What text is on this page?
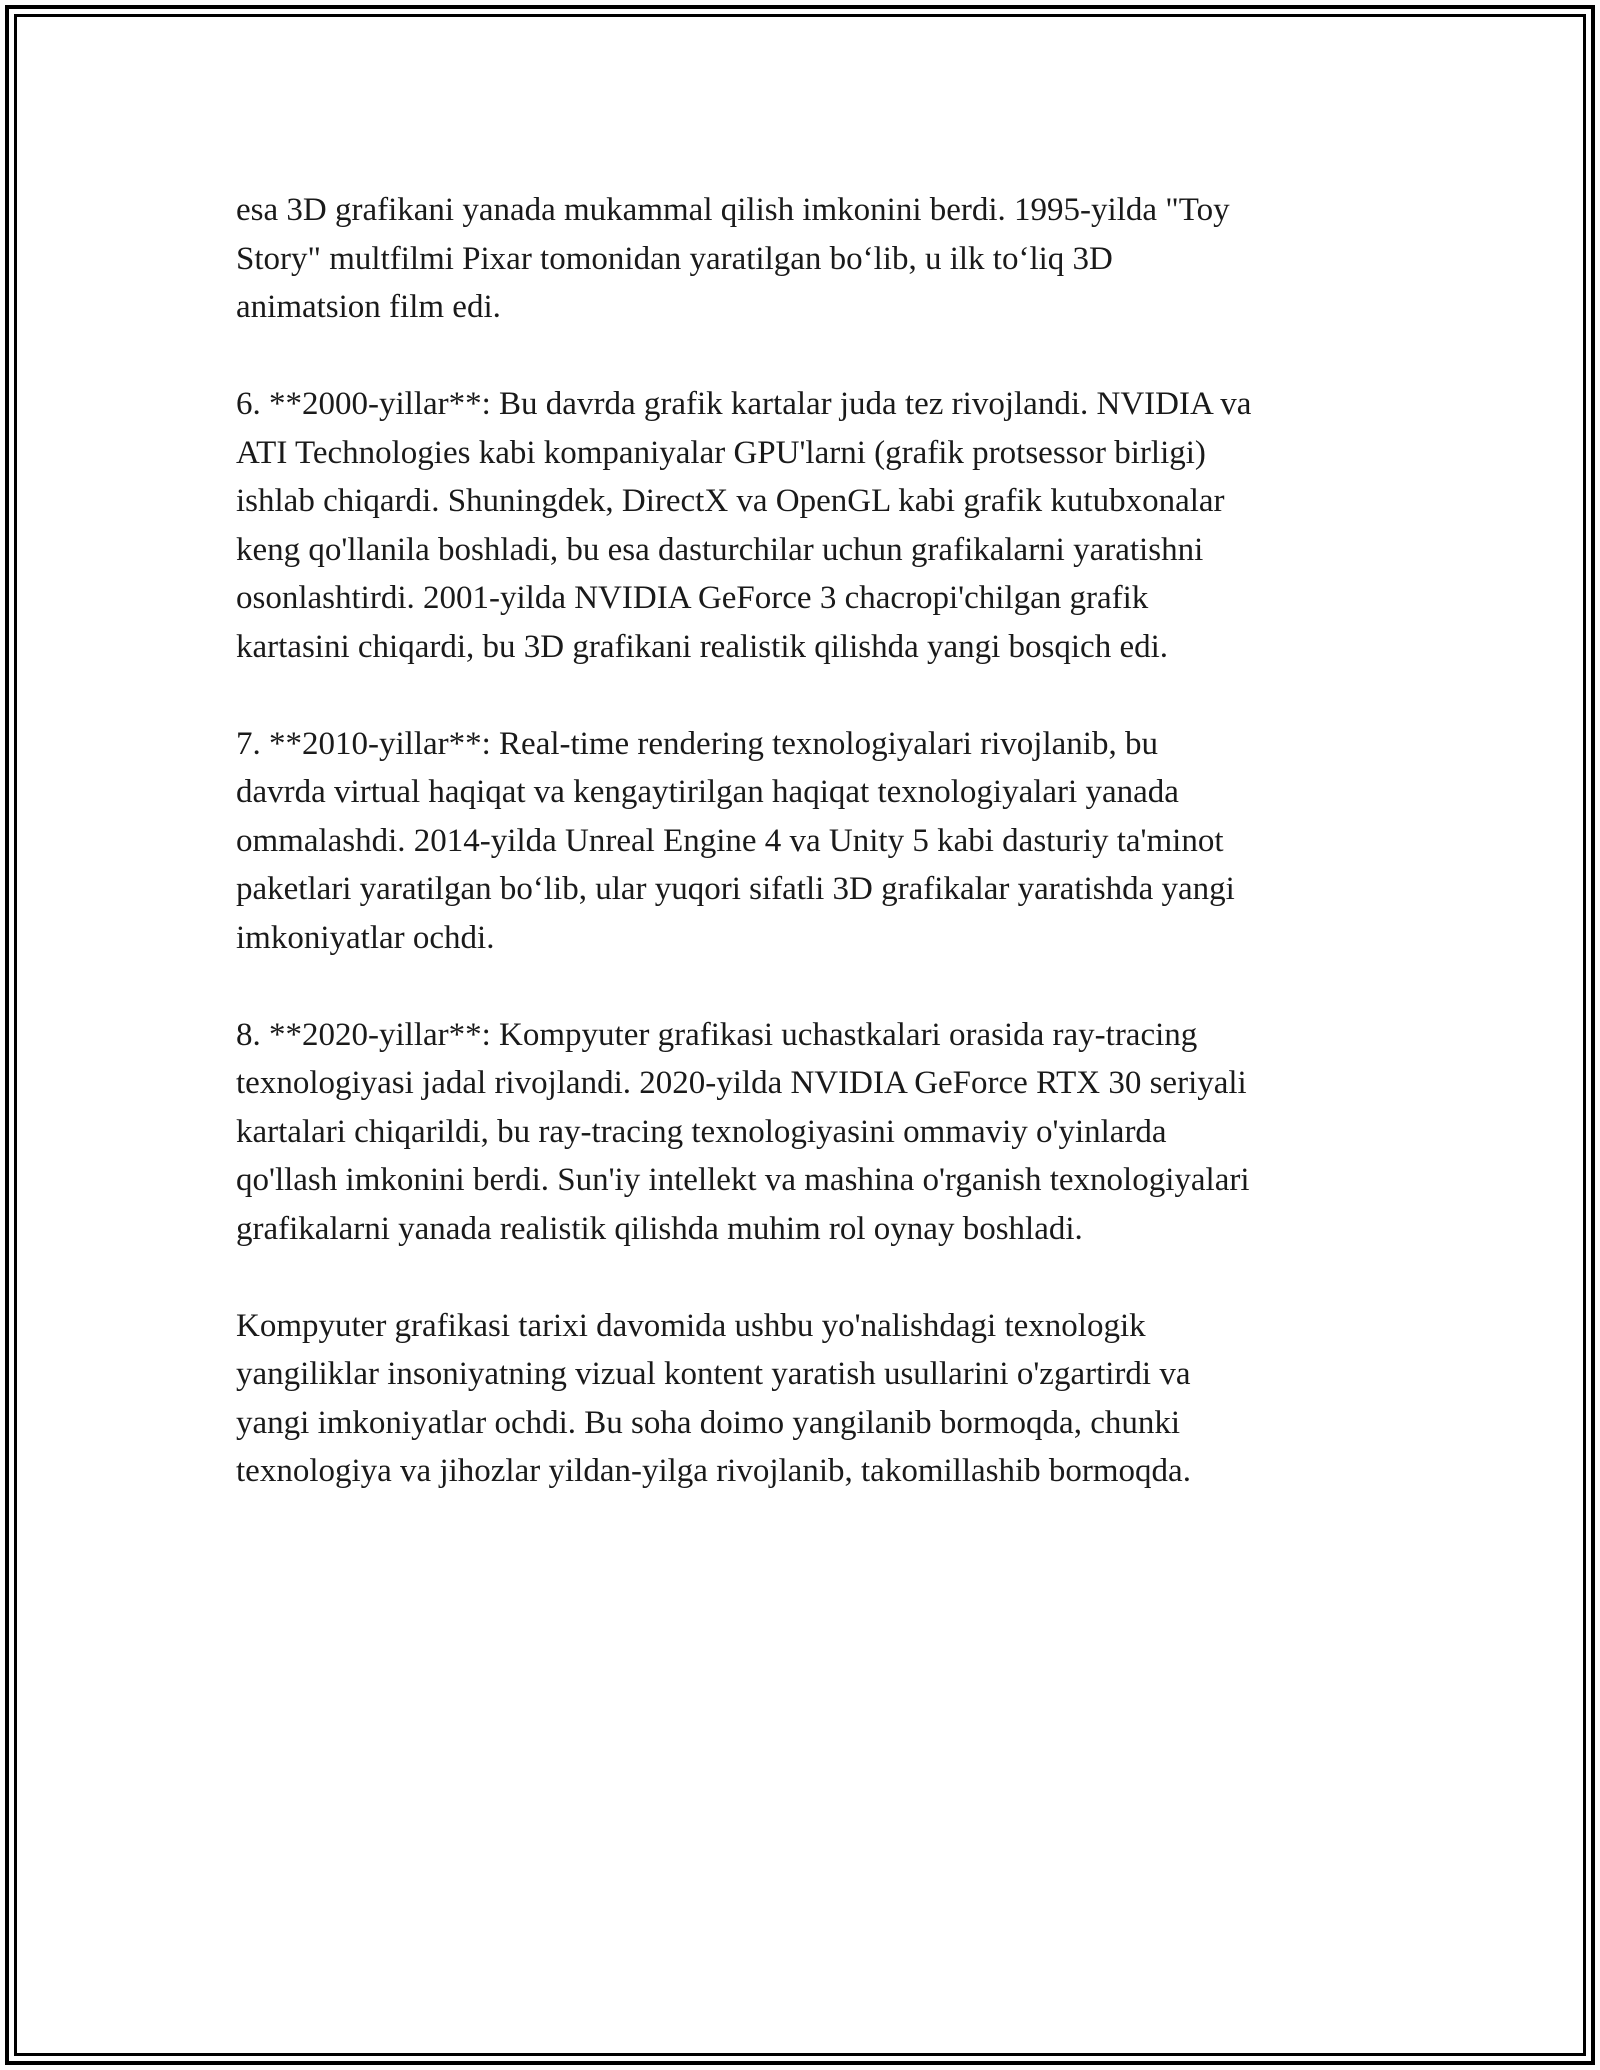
esa 3D grafikani yanada mukammal qilish imkonini berdi. 1995-yilda "Toy
Story" multfilmi Pixar tomonidan yaratilgan bo‘lib, u ilk to‘liq 3D
animatsion film edi.

6. **2000-yillar**: Bu davrda grafik kartalar juda tez rivojlandi. NVIDIA va
ATI Technologies kabi kompaniyalar GPU'larni (grafik protsessor birligi)
ishlab chiqardi. Shuningdek, DirectX va OpenGL kabi grafik kutubxonalar
keng qo'llanila boshladi, bu esa dasturchilar uchun grafikalarni yaratishni
osonlashtirdi. 2001-yilda NVIDIA GeForce 3 chacropi'chilgan grafik
kartasini chiqardi, bu 3D grafikani realistik qilishda yangi bosqich edi.

7. **2010-yillar**: Real-time rendering texnologiyalari rivojlanib, bu
davrda virtual haqiqat va kengaytirilgan haqiqat texnologiyalari yanada
ommalashdi. 2014-yilda Unreal Engine 4 va Unity 5 kabi dasturiy ta'minot
paketlari yaratilgan bo‘lib, ular yuqori sifatli 3D grafikalar yaratishda yangi
imkoniyatlar ochdi.

8. **2020-yillar**: Kompyuter grafikasi uchastkalari orasida ray-tracing
texnologiyasi jadal rivojlandi. 2020-yilda NVIDIA GeForce RTX 30 seriyali
kartalari chiqarildi, bu ray-tracing texnologiyasini ommaviy o'yinlarda
qo'llash imkonini berdi. Sun'iy intellekt va mashina o'rganish texnologiyalari
grafikalarni yanada realistik qilishda muhim rol oynay boshladi.

Kompyuter grafikasi tarixi davomida ushbu yo'nalishdagi texnologik
yangiliklar insoniyatning vizual kontent yaratish usullarini o'zgartirdi va
yangi imkoniyatlar ochdi. Bu soha doimo yangilanib bormoqda, chunki
texnologiya va jihozlar yildan-yilga rivojlanib, takomillashib bormoqda.
